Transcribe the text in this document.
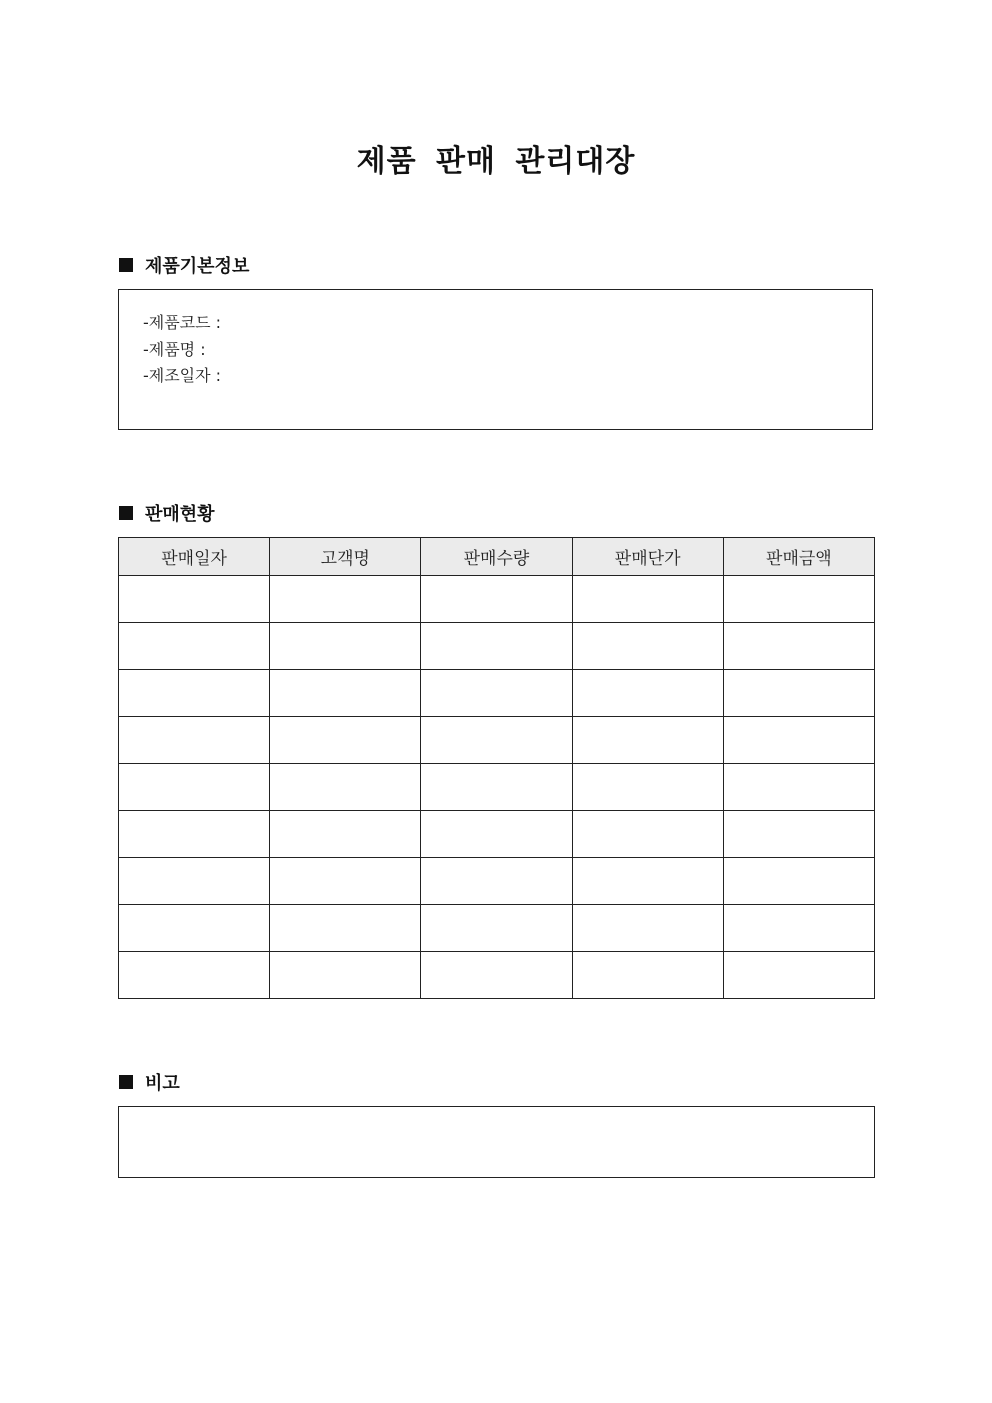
제품 판매 관리대장
제품기본정보
-제품코드 :
-제품명 :
-제조일자 :
판매현황
판매일자	고객명	판매수량	판매단가	판매금액

비고
